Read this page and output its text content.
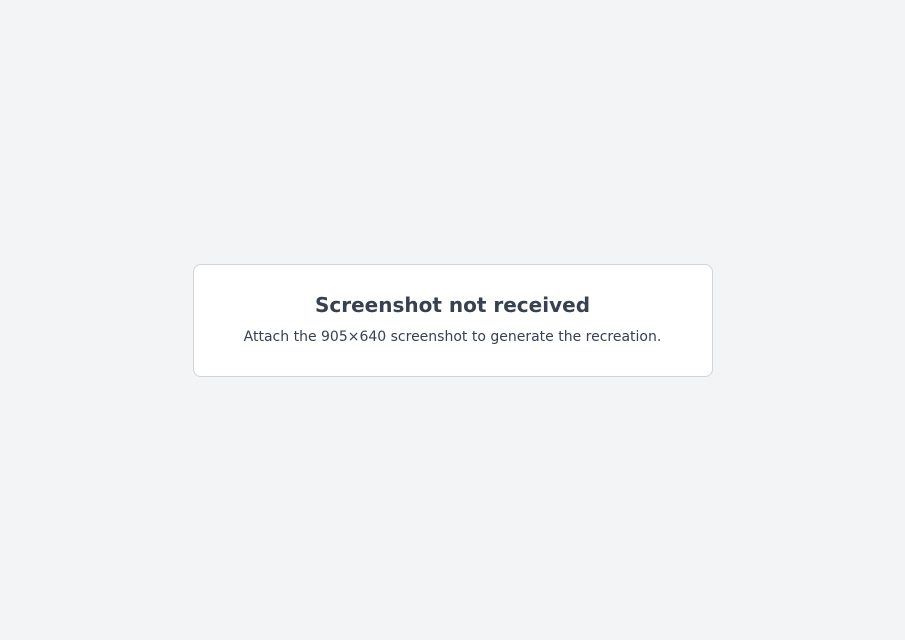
Screenshot not received

Attach the 905×640 screenshot to generate the recreation.
